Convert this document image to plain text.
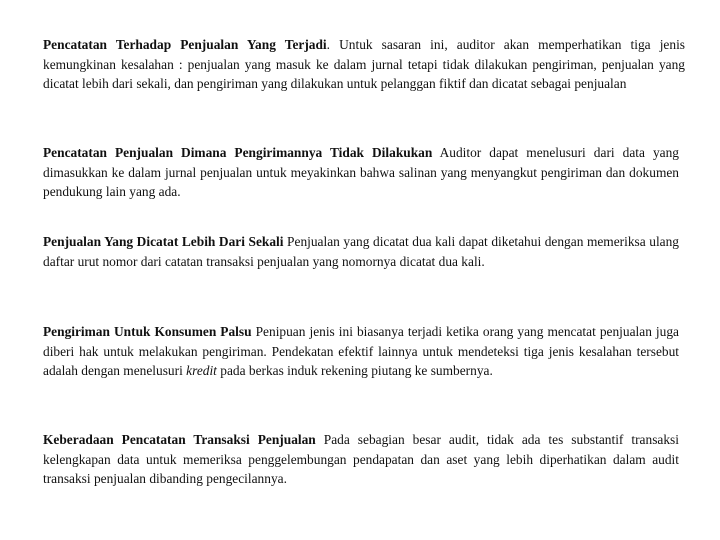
Pencatatan Terhadap Penjualan Yang Terjadi. Untuk sasaran ini, auditor akan memperhatikan tiga jenis kemungkinan kesalahan : penjualan yang masuk ke dalam jurnal tetapi tidak dilakukan pengiriman, penjualan yang dicatat lebih dari sekali, dan pengiriman yang dilakukan untuk pelanggan fiktif dan dicatat sebagai penjualan

Pencatatan Penjualan Dimana Pengirimannya Tidak Dilakukan Auditor dapat menelusuri dari data yang dimasukkan ke dalam jurnal penjualan untuk meyakinkan bahwa salinan yang menyangkut pengiriman dan dokumen pendukung lain yang ada.

Penjualan Yang Dicatat Lebih Dari Sekali Penjualan yang dicatat dua kali dapat diketahui dengan memeriksa ulang daftar urut nomor dari catatan transaksi penjualan yang nomornya dicatat dua kali.

Pengiriman Untuk Konsumen Palsu Penipuan jenis ini biasanya terjadi ketika orang yang mencatat penjualan juga diberi hak untuk melakukan pengiriman. Pendekatan efektif lainnya untuk mendeteksi tiga jenis kesalahan tersebut adalah dengan menelusuri kredit pada berkas induk rekening piutang ke sumbernya.

Keberadaan Pencatatan Transaksi Penjualan Pada sebagian besar audit, tidak ada tes substantif transaksi kelengkapan data untuk memeriksa penggelembungan pendapatan dan aset yang lebih diperhatikan dalam audit transaksi penjualan dibanding pengecilannya.
